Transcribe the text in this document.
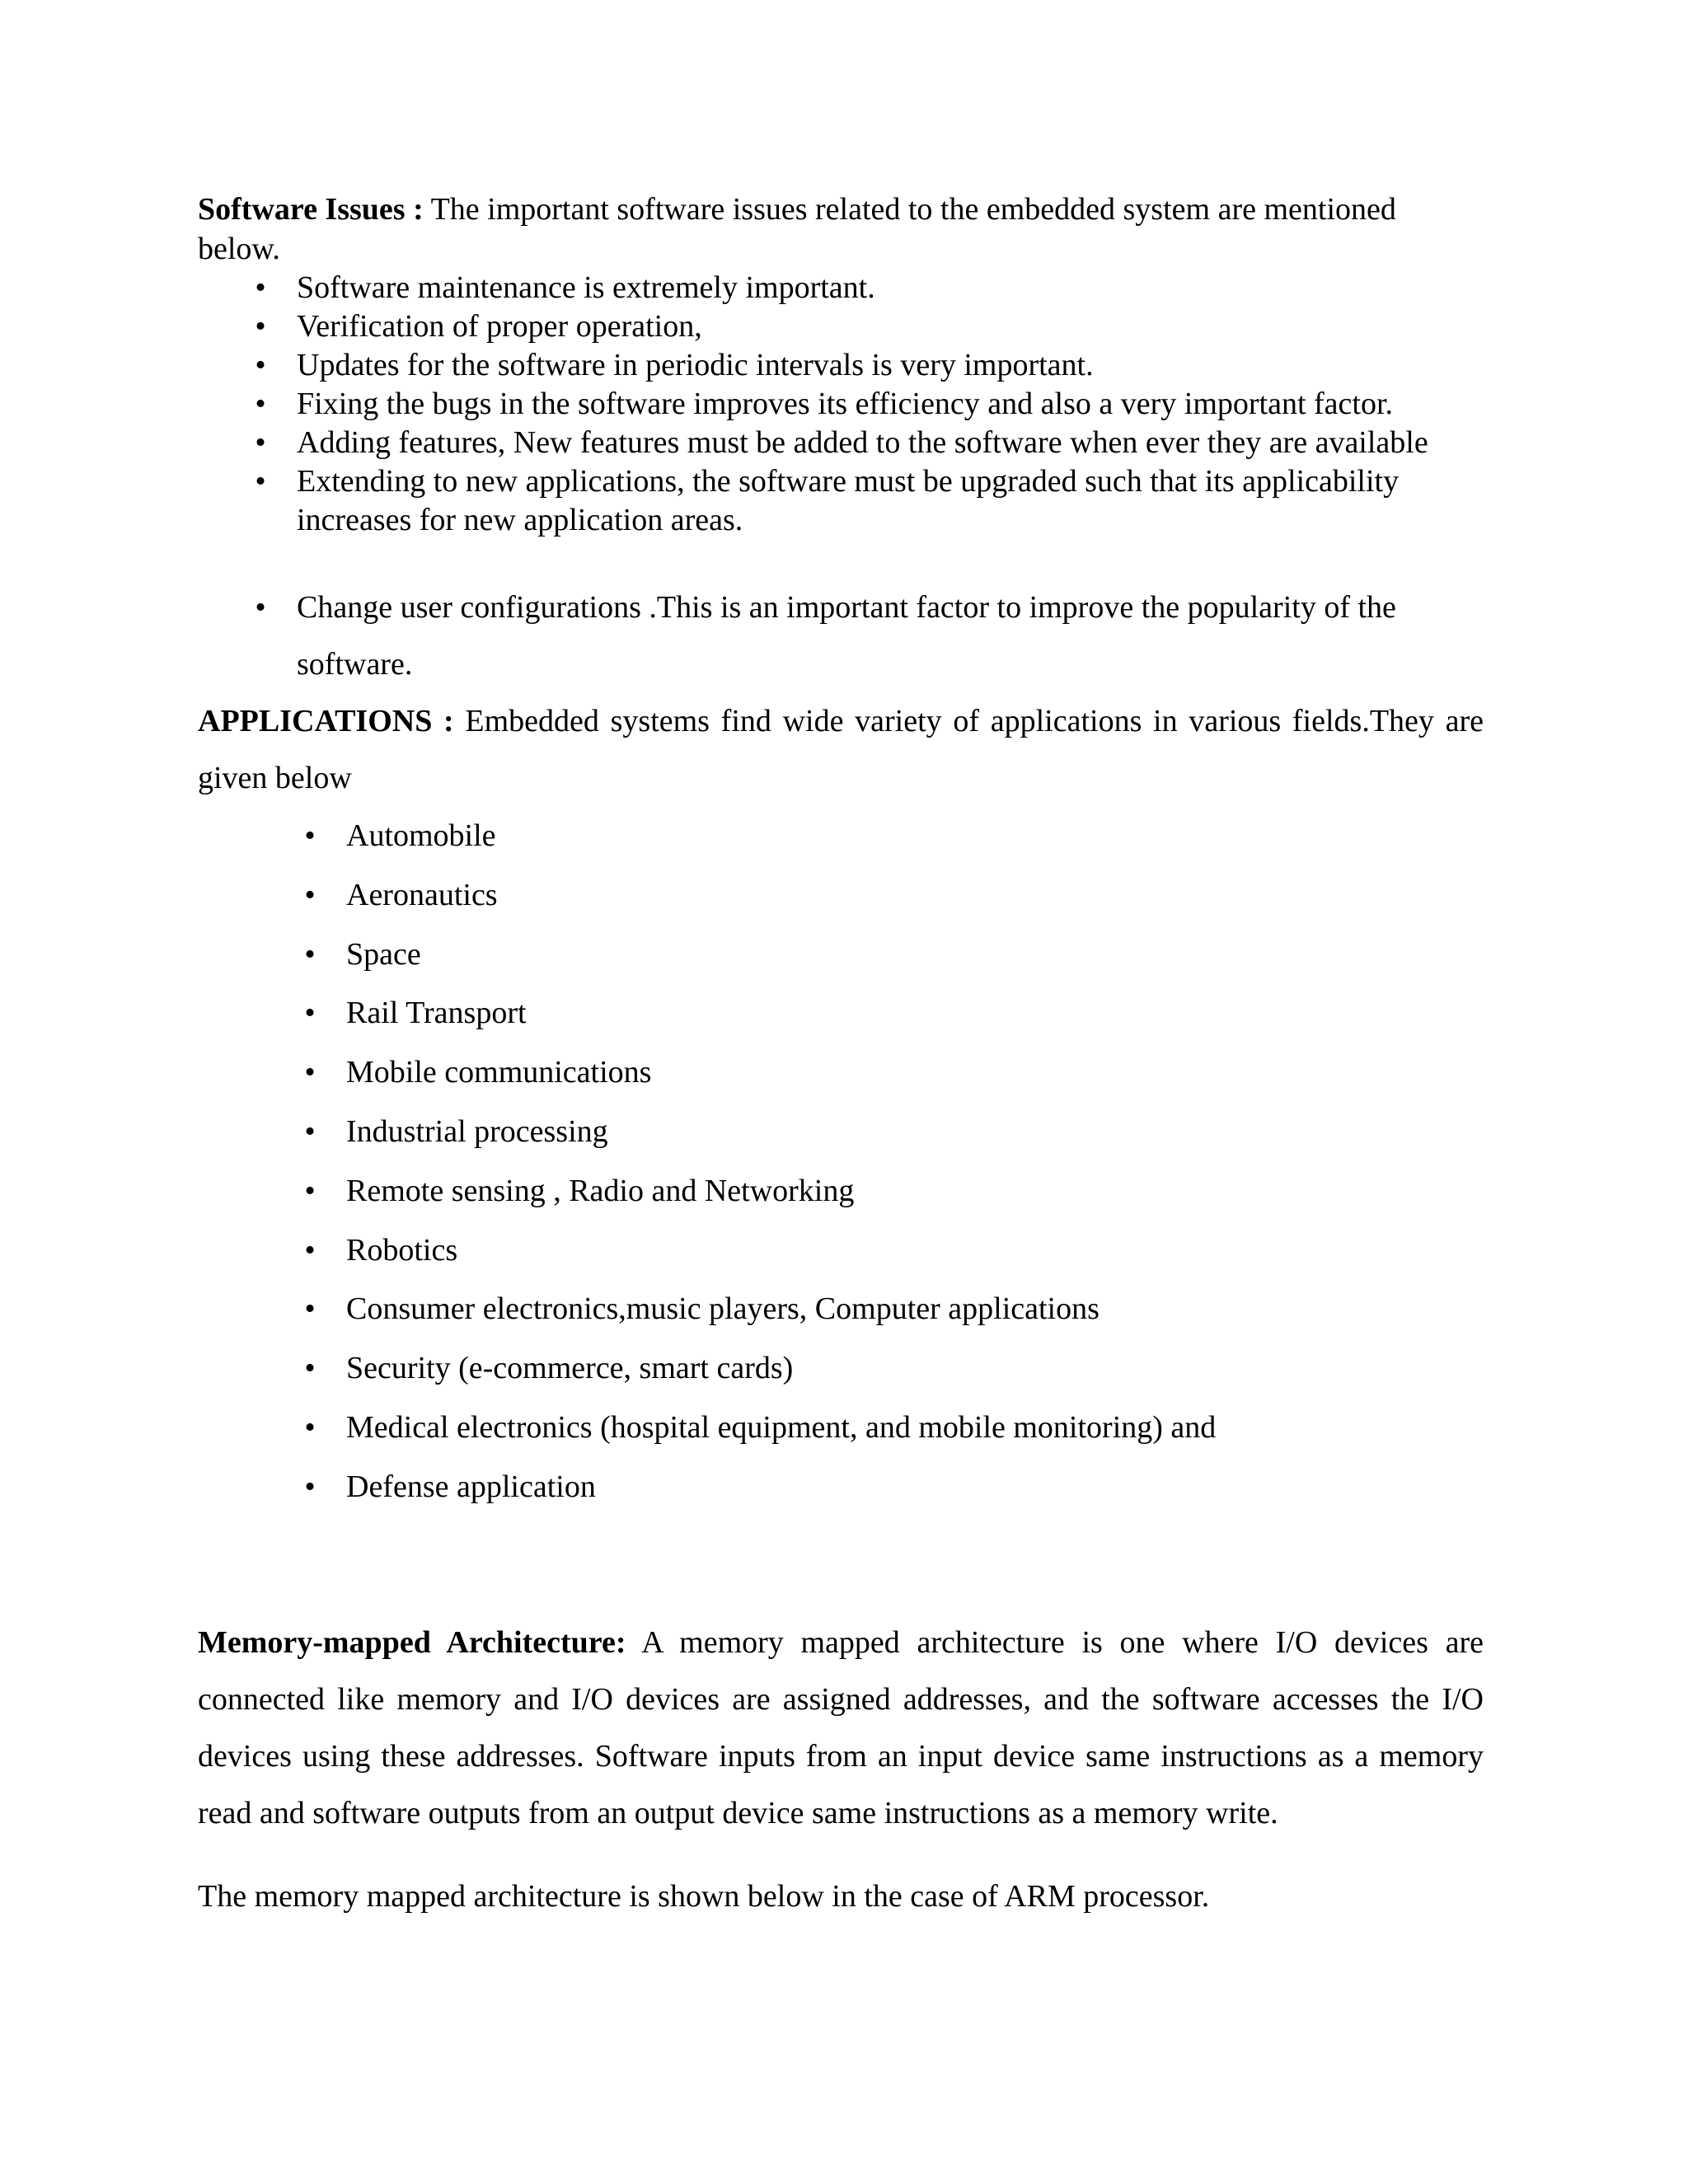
Software Issues : The important software issues related to the embedded system are mentioned below.

• Software maintenance is extremely important.
• Verification of proper operation,
• Updates for the software in periodic intervals is very important.
• Fixing the bugs in the software improves its efficiency and also a very important factor.
• Adding features, New features must be added to the software when ever they are available
• Extending to new applications, the software must be upgraded such that its applicability increases for new application areas.
• Change user configurations .This is an important factor to improve the popularity of the software.

APPLICATIONS : Embedded systems find wide variety of applications in various fields.They are given below

• Automobile
• Aeronautics
• Space
• Rail Transport
• Mobile communications
• Industrial processing
• Remote sensing , Radio and Networking
• Robotics
• Consumer electronics,music players, Computer applications
• Security (e-commerce, smart cards)
• Medical electronics (hospital equipment, and mobile monitoring) and
• Defense application

Memory-mapped Architecture: A memory mapped architecture is one where I/O devices are connected like memory and I/O devices are assigned addresses, and the software accesses the I/O devices using these addresses. Software inputs from an input device same instructions as a memory read and software outputs from an output device same instructions as a memory write.

The memory mapped architecture is shown below in the case of ARM processor.
